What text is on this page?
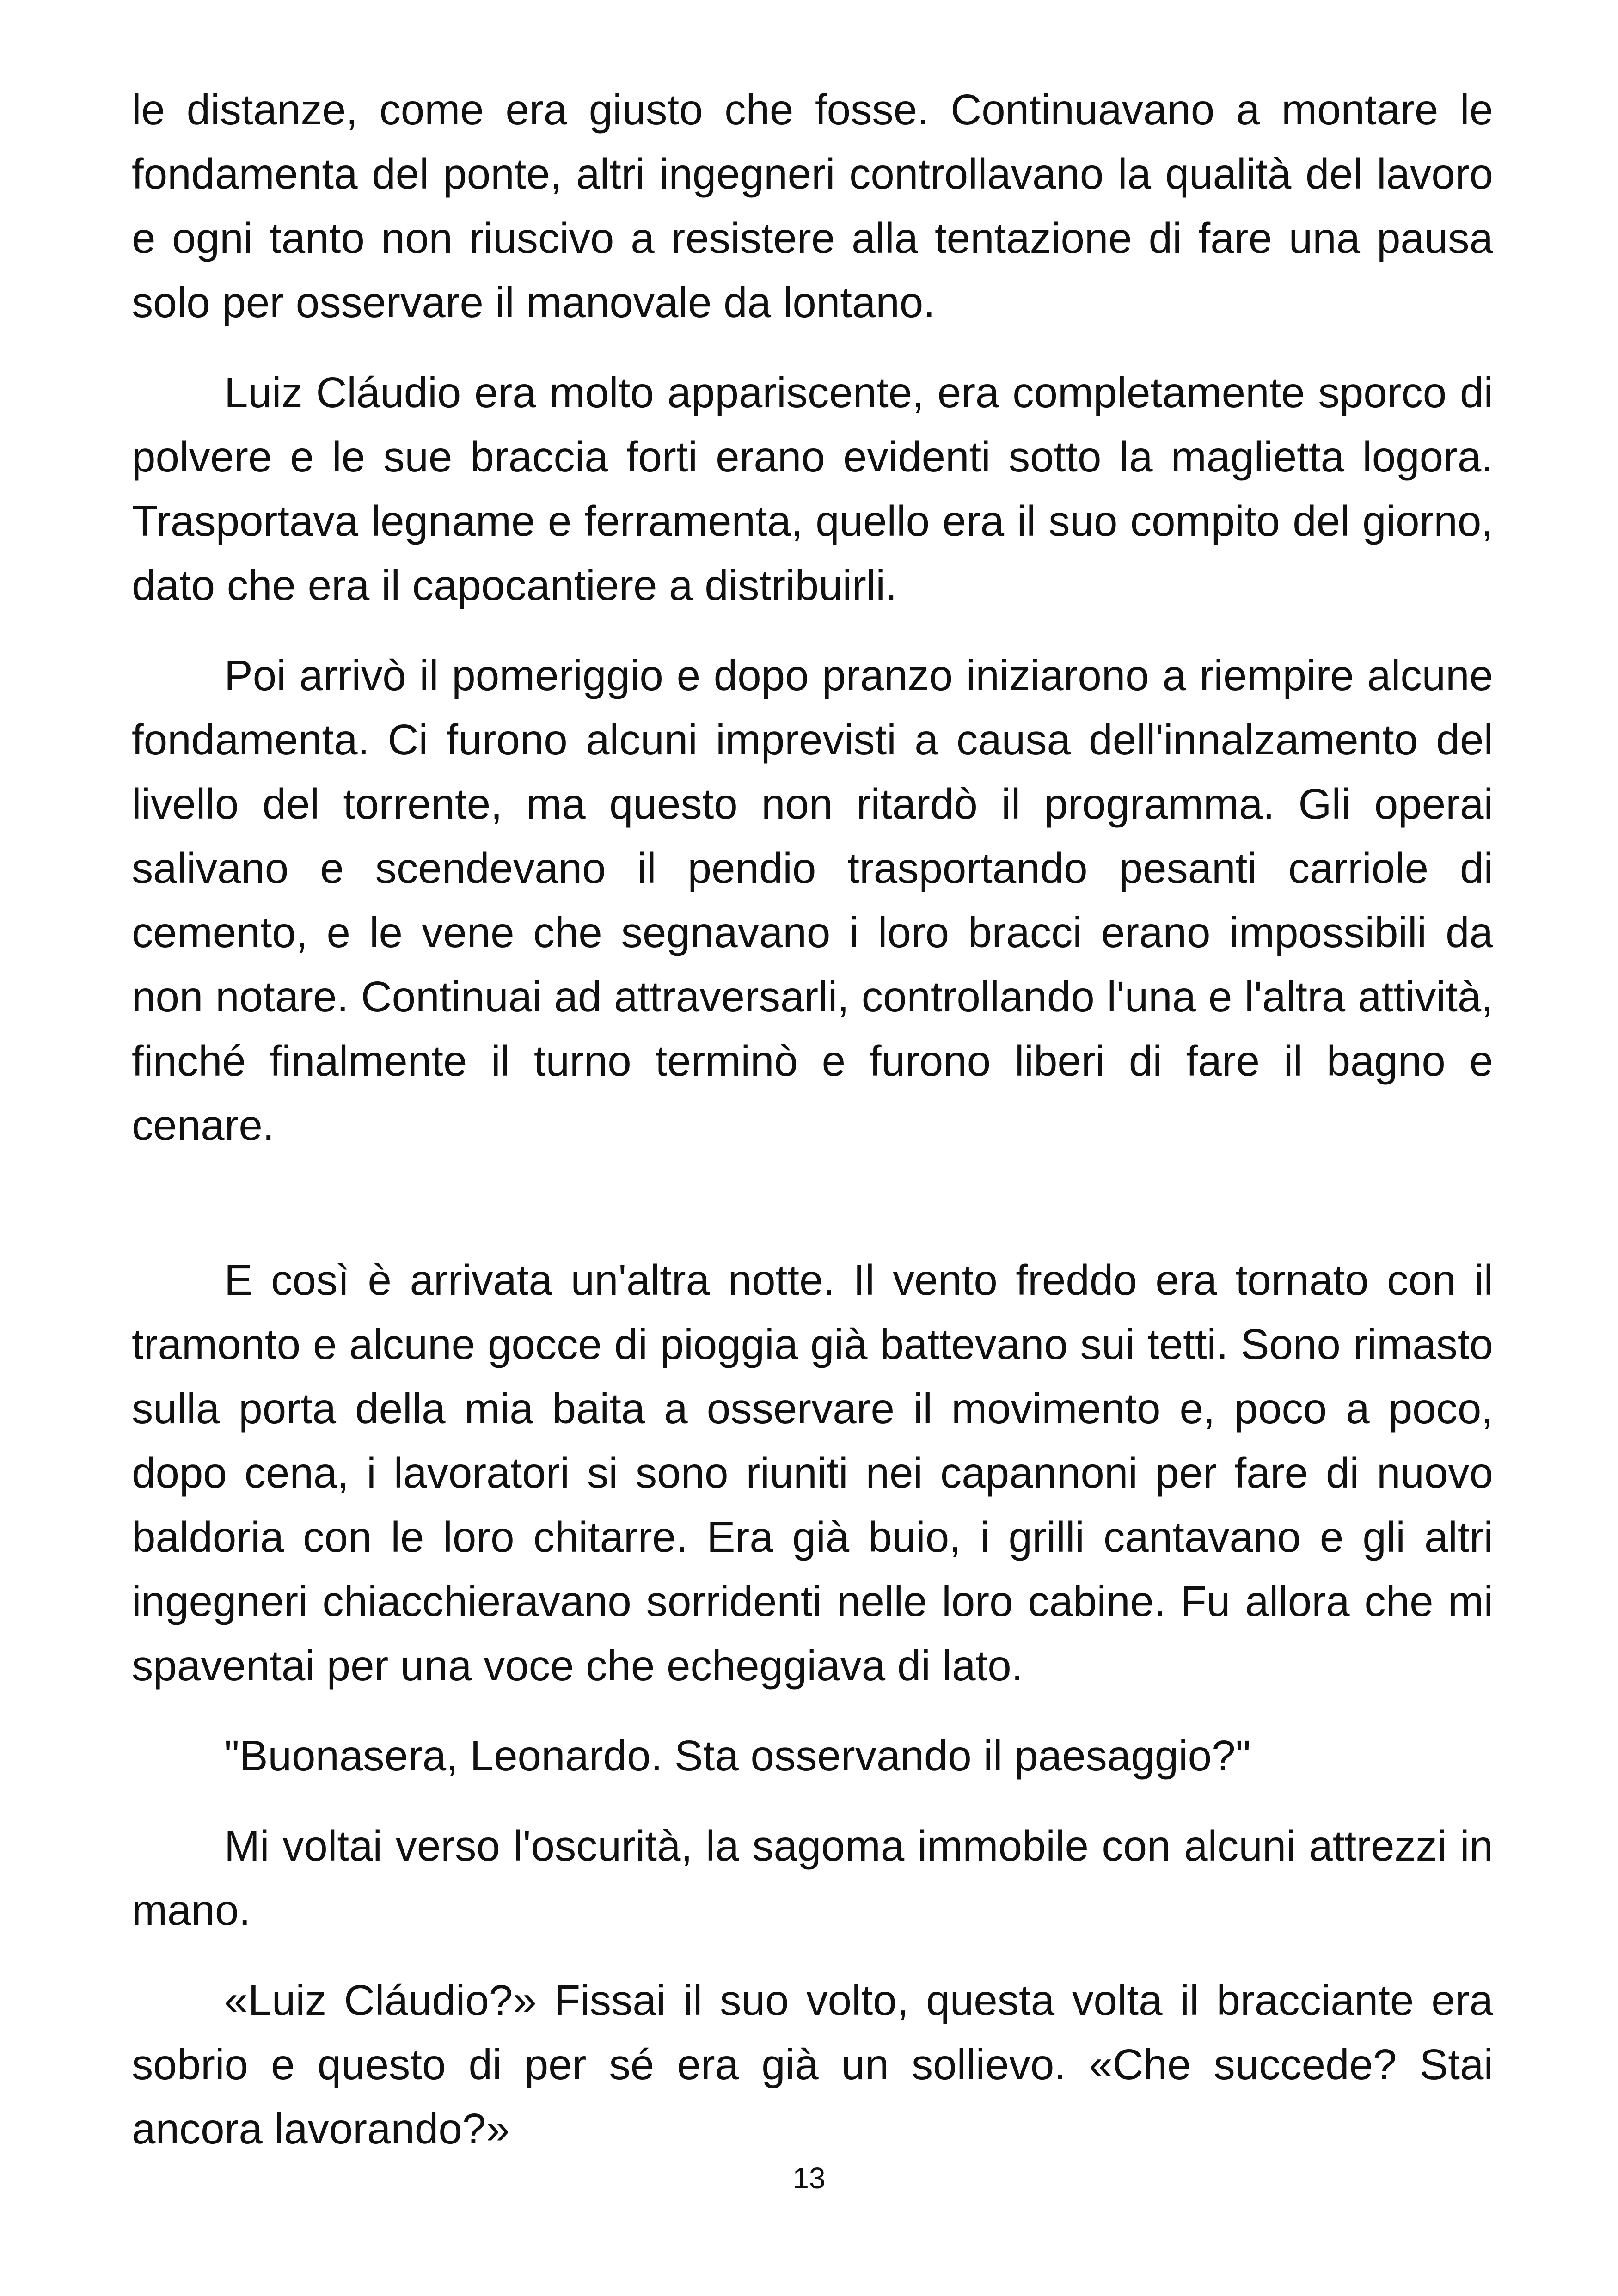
le distanze, come era giusto che fosse. Continuavano a montare le fondamenta del ponte, altri ingegneri controllavano la qualità del lavoro e ogni tanto non riuscivo a resistere alla tentazione di fare una pausa solo per osservare il manovale da lontano.

Luiz Cláudio era molto appariscente, era completamente sporco di polvere e le sue braccia forti erano evidenti sotto la maglietta logora. Trasportava legname e ferramenta, quello era il suo compito del giorno, dato che era il capocantiere a distribuirli.

Poi arrivò il pomeriggio e dopo pranzo iniziarono a riempire alcune fondamenta. Ci furono alcuni imprevisti a causa dell'innalzamento del livello del torrente, ma questo non ritardò il programma. Gli operai salivano e scendevano il pendio trasportando pesanti carriole di cemento, e le vene che segnavano i loro bracci erano impossibili da non notare. Continuai ad attraversarli, controllando l'una e l'altra attività, finché finalmente il turno terminò e furono liberi di fare il bagno e cenare.

E così è arrivata un'altra notte. Il vento freddo era tornato con il tramonto e alcune gocce di pioggia già battevano sui tetti. Sono rimasto sulla porta della mia baita a osservare il movimento e, poco a poco, dopo cena, i lavoratori si sono riuniti nei capannoni per fare di nuovo baldoria con le loro chitarre. Era già buio, i grilli cantavano e gli altri ingegneri chiacchieravano sorridenti nelle loro cabine. Fu allora che mi spaventai per una voce che echeggiava di lato.

"Buonasera, Leonardo. Sta osservando il paesaggio?"

Mi voltai verso l'oscurità, la sagoma immobile con alcuni attrezzi in mano.

«Luiz Cláudio?» Fissai il suo volto, questa volta il bracciante era sobrio e questo di per sé era già un sollievo. «Che succede? Stai ancora lavorando?»

13
